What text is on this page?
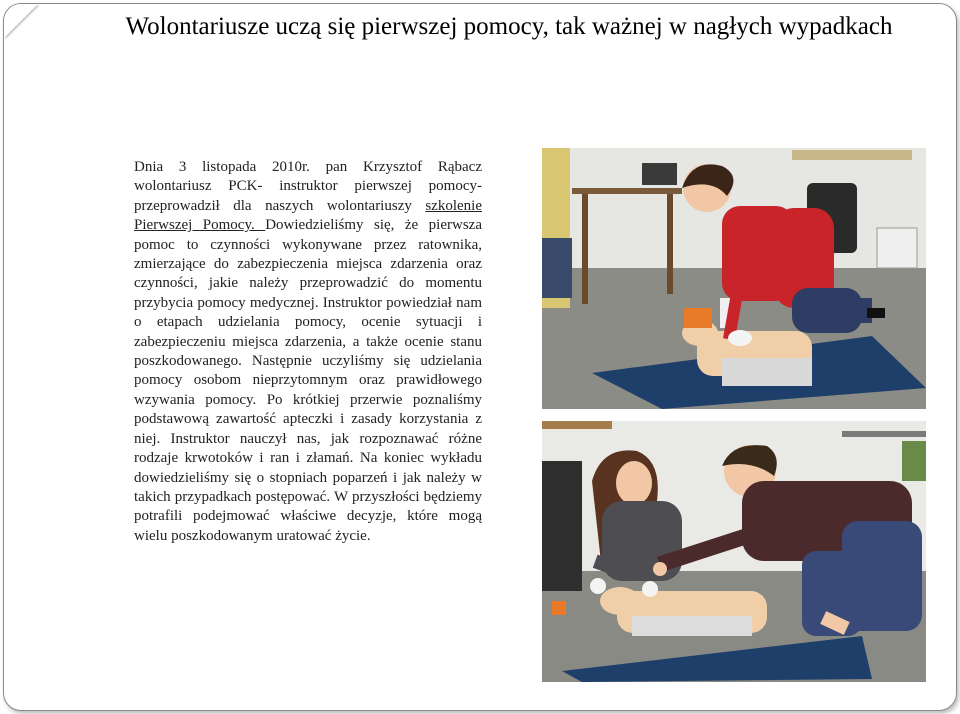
Wolontariusze uczą się pierwszej pomocy, tak ważnej w nagłych wypadkach

Dnia 3 listopada 2010r. pan Krzysztof Rąbacz wolontariusz PCK- instruktor pierwszej pomocy- przeprowadził dla naszych wolontariuszy szkolenie Pierwszej Pomocy. Dowiedzieliśmy się, że pierwsza pomoc to czynności wykonywane przez ratownika, zmierzające do zabezpieczenia miejsca zdarzenia oraz czynności, jakie należy przeprowadzić do momentu przybycia pomocy medycznej. Instruktor powiedział nam o etapach udzielania pomocy, ocenie sytuacji i zabezpieczeniu miejsca zdarzenia, a także ocenie stanu poszkodowanego. Następnie uczyliśmy się udzielania pomocy osobom nieprzytomnym oraz prawidłowego wzywania pomocy. Po krótkiej przerwie poznaliśmy podstawową zawartość apteczki i zasady korzystania z niej. Instruktor nauczył nas, jak rozpoznawać różne rodzaje krwotoków i ran i złamań. Na koniec wykładu dowiedzieliśmy się o stopniach poparzeń i jak należy w takich przypadkach postępować. W przyszłości będziemy potrafili podejmować właściwe decyzje, które mogą wielu poszkodowanym uratować życie.
